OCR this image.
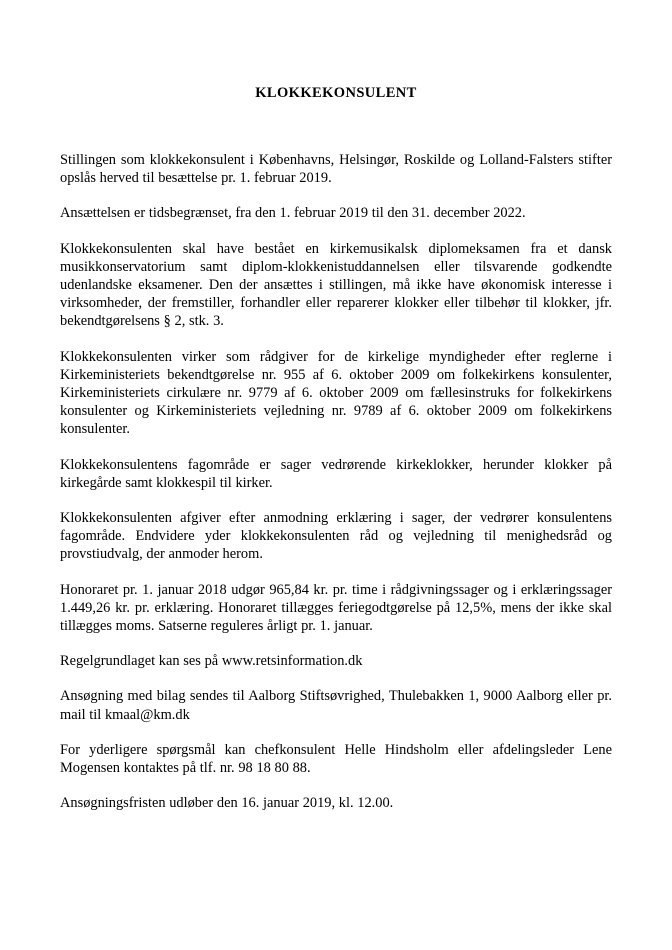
KLOKKEKONSULENT

Stillingen som klokkekonsulent i Københavns, Helsingør, Roskilde og Lolland-Falsters stifter opslås herved til besættelse pr. 1. februar 2019.

Ansættelsen er tidsbegrænset, fra den 1. februar 2019 til den 31. december 2022.

Klokkekonsulenten skal have bestået en kirkemusikalsk diplomeksamen fra et dansk musikkonservatorium samt diplom-klokkenistuddannelsen eller tilsvarende godkendte udenlandske eksamener. Den der ansættes i stillingen, må ikke have økonomisk interesse i virksomheder, der fremstiller, forhandler eller reparerer klokker eller tilbehør til klokker, jfr. bekendtgørelsens § 2, stk. 3.

Klokkekonsulenten virker som rådgiver for de kirkelige myndigheder efter reglerne i Kirkeministeriets bekendtgørelse nr. 955 af 6. oktober 2009 om folkekirkens konsulenter, Kirkeministeriets cirkulære nr. 9779 af 6. oktober 2009 om fællesinstruks for folkekirkens konsulenter og Kirkeministeriets vejledning nr. 9789 af 6. oktober 2009 om folkekirkens konsulenter.

Klokkekonsulentens fagområde er sager vedrørende kirkeklokker, herunder klokker på kirkegårde samt klokkespil til kirker.

Klokkekonsulenten afgiver efter anmodning erklæring i sager, der vedrører konsulentens fagområde. Endvidere yder klokkekonsulenten råd og vejledning til menighedsråd og provstiudvalg, der anmoder herom.

Honoraret pr. 1. januar 2018 udgør 965,84 kr. pr. time i rådgivningssager og i erklæringssager 1.449,26 kr. pr. erklæring. Honoraret tillægges feriegodtgørelse på 12,5%, mens der ikke skal tillægges moms. Satserne reguleres årligt pr. 1. januar.

Regelgrundlaget kan ses på www.retsinformation.dk

Ansøgning med bilag sendes til Aalborg Stiftsøvrighed, Thulebakken 1, 9000 Aalborg eller pr. mail til kmaal@km.dk

For yderligere spørgsmål kan chefkonsulent Helle Hindsholm eller afdelingsleder Lene Mogensen kontaktes på tlf. nr. 98 18 80 88.

Ansøgningsfristen udløber den 16. januar 2019, kl. 12.00.
